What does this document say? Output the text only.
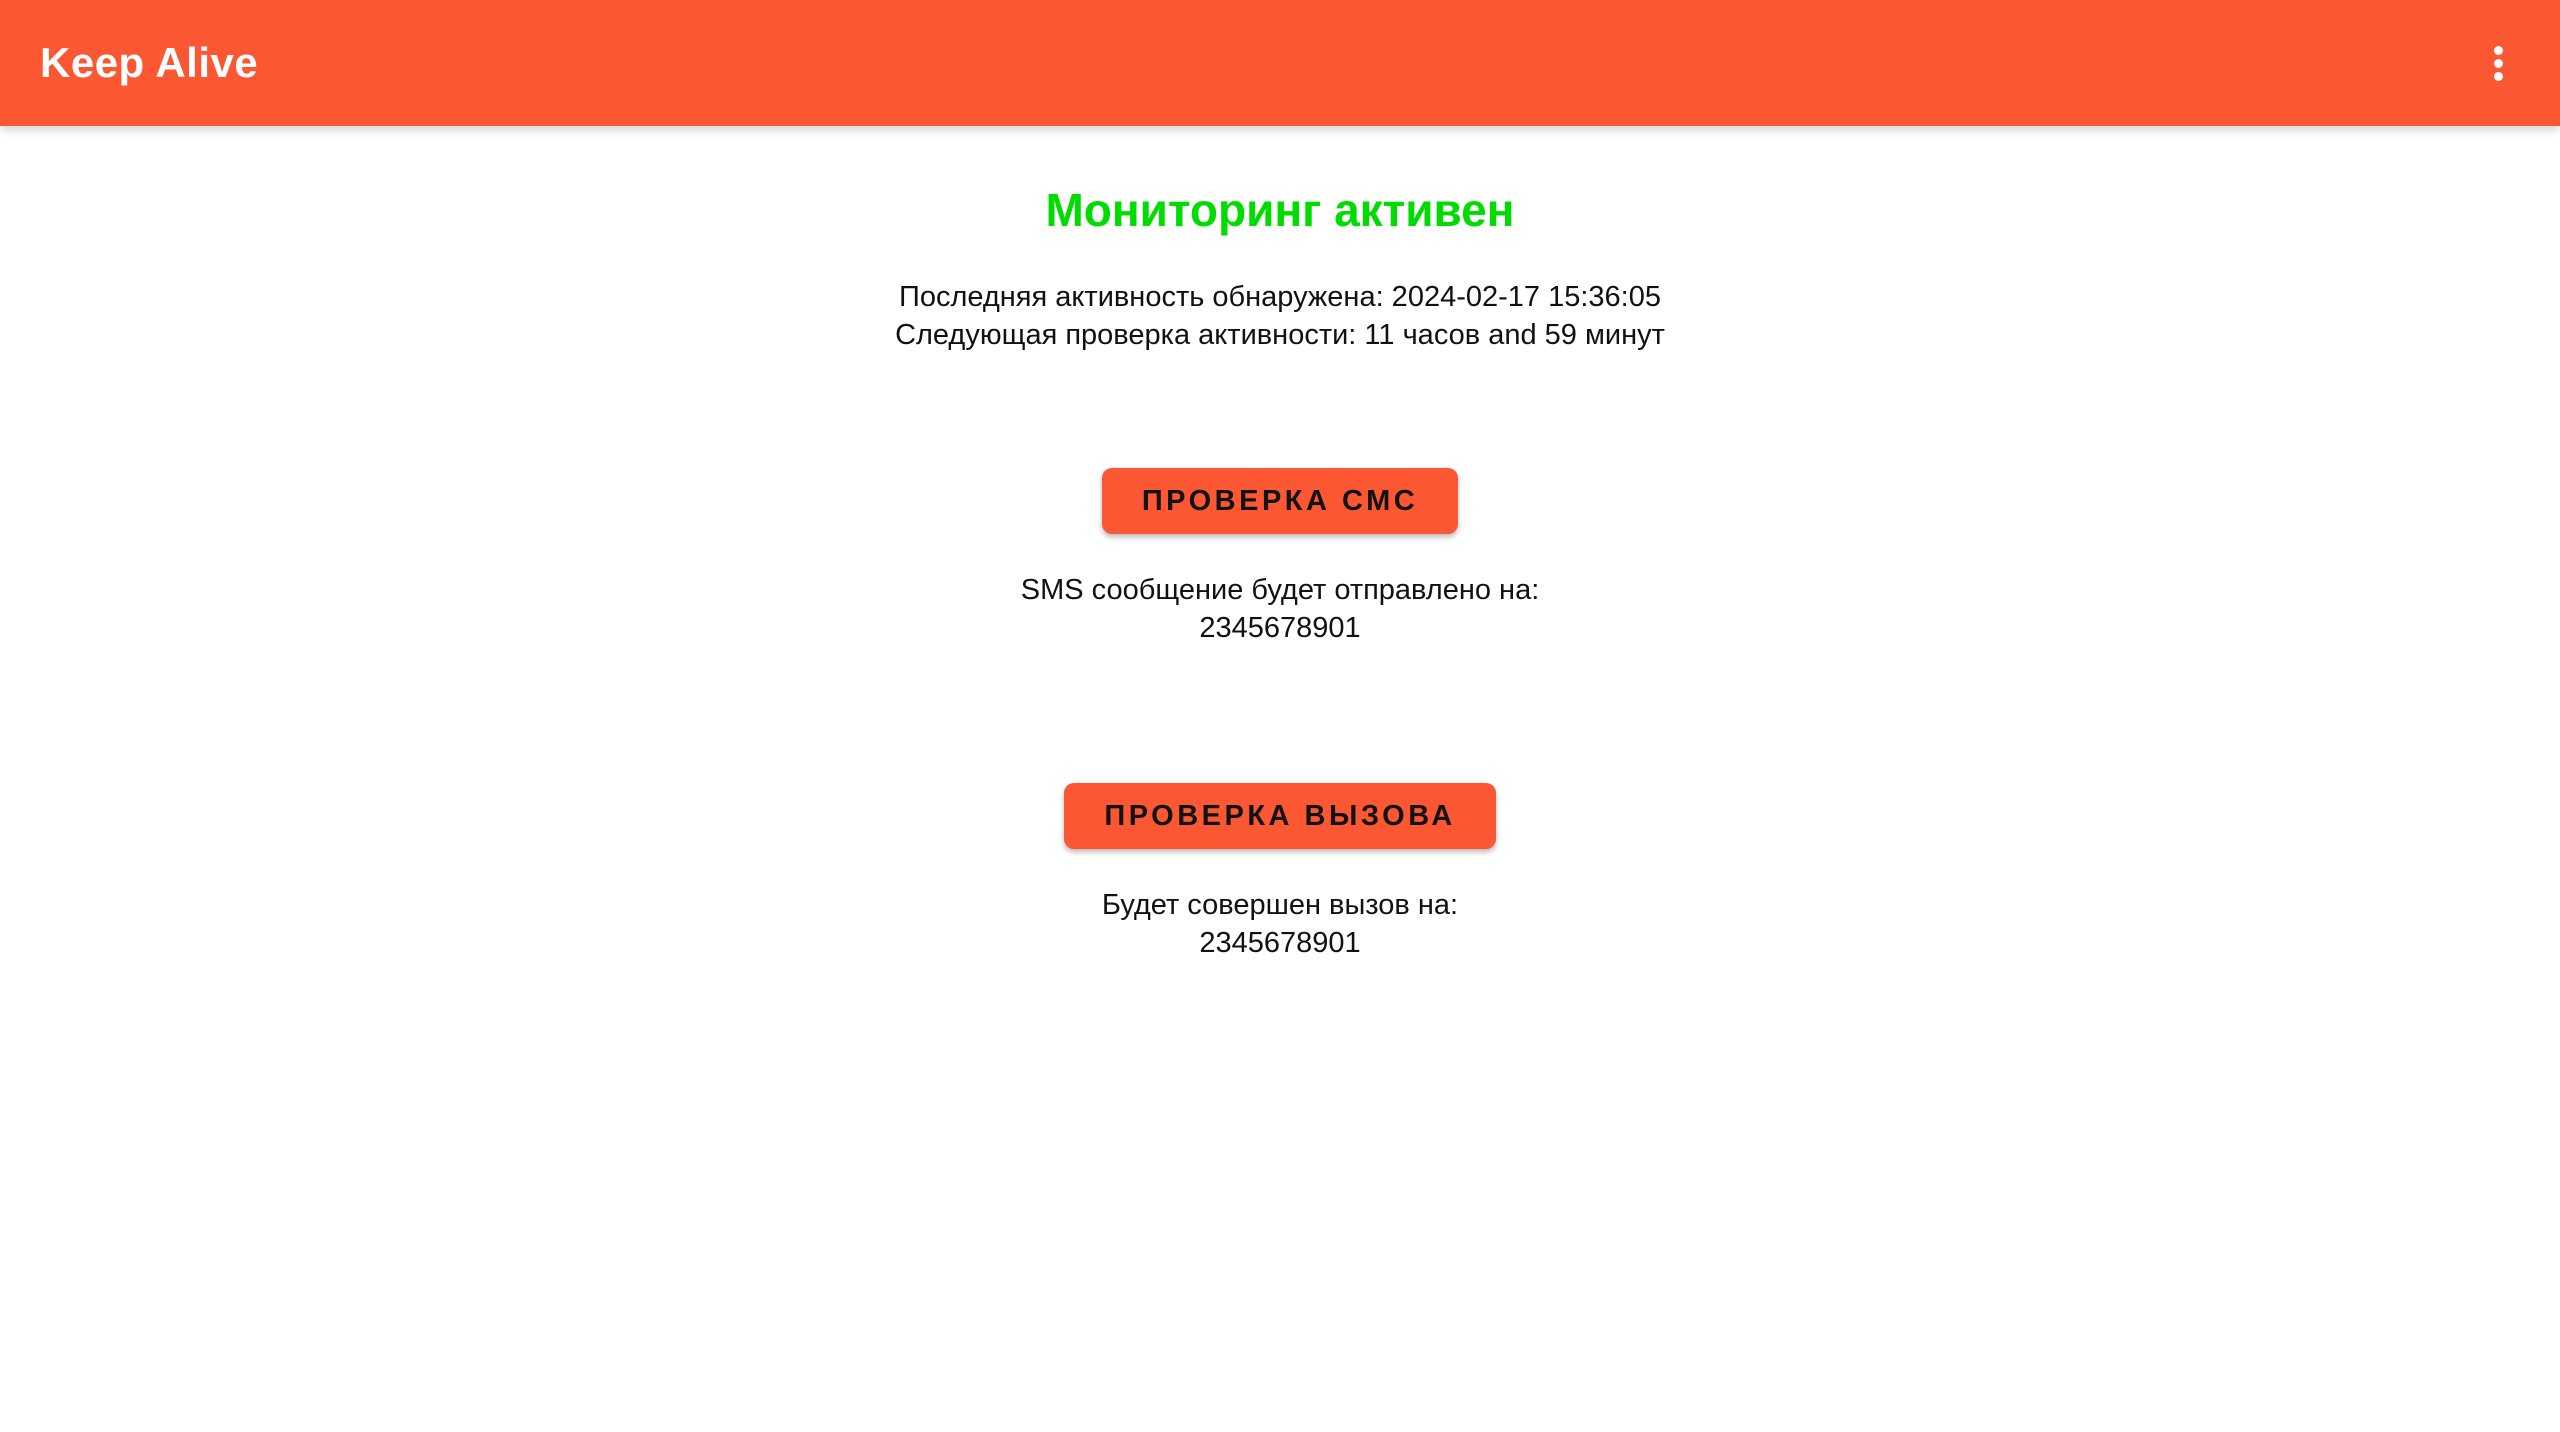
Keep Alive
Мониторинг активен
Последняя активность обнаружена: 2024-02-17 15:36:05
Следующая проверка активности: 11 часов and 59 минут
ПРОВЕРКА СМС
SMS сообщение будет отправлено на:
2345678901
ПРОВЕРКА ВЫЗОВА
Будет совершен вызов на:
2345678901
